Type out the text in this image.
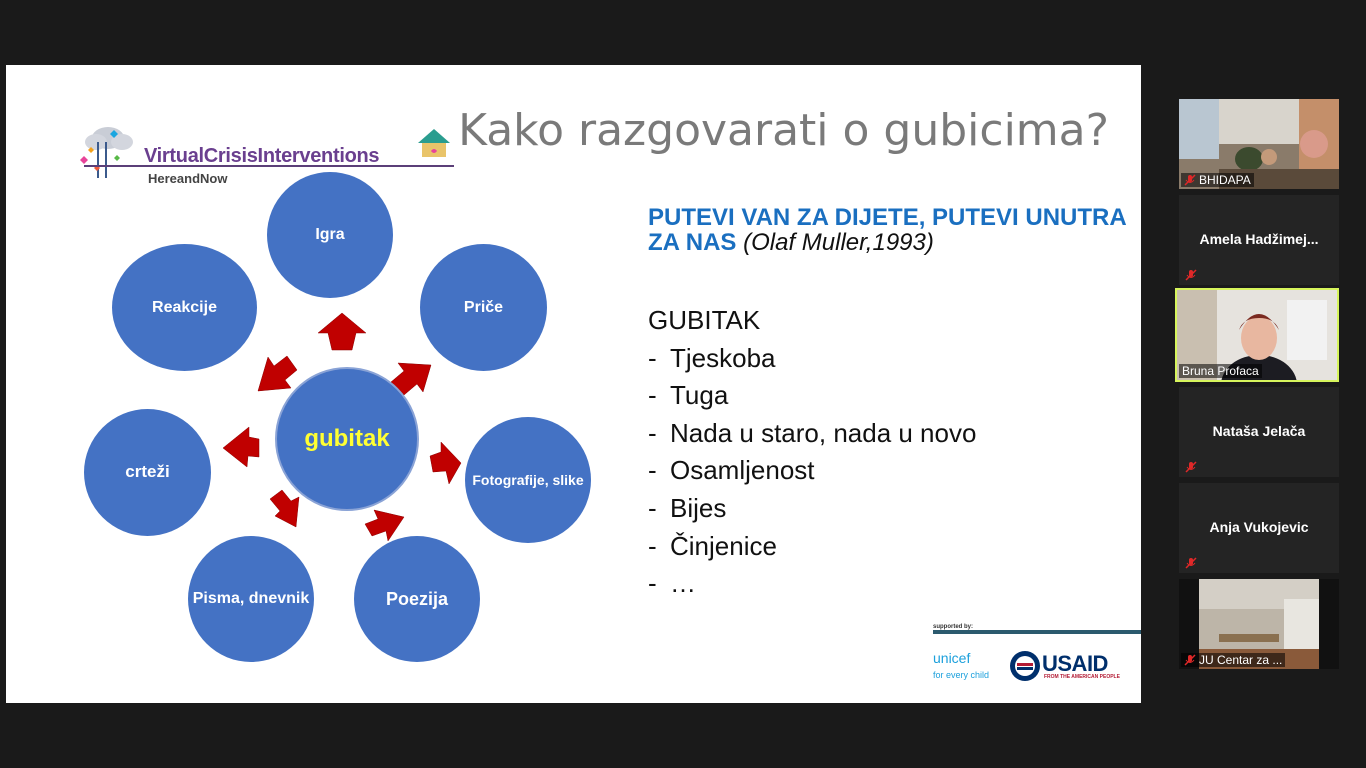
VirtualCrisisInterventions
HereandNow
Kako razgovarati o gubicima?
Igra
Priče
Fotografije, slike
Poezija
Pisma, dnevnik
crteži
Reakcije
gubitak
PUTEVI VAN ZA DIJETE, PUTEVI UNUTRA ZA NAS (Olaf Muller,1993)
GUBITAK
- Tjeskoba
- Tuga
- Nada u staro, nada u novo
- Osamljenost
- Bijes
- Činjenice
- …
supported by:
unicef
for every child USAID
FROM THE AMERICAN PEOPLE
BHIDAPA
Amela Hadžimej...
Bruna Profaca
Nataša Jelača
Anja Vukojevic
JU Centar za ...
